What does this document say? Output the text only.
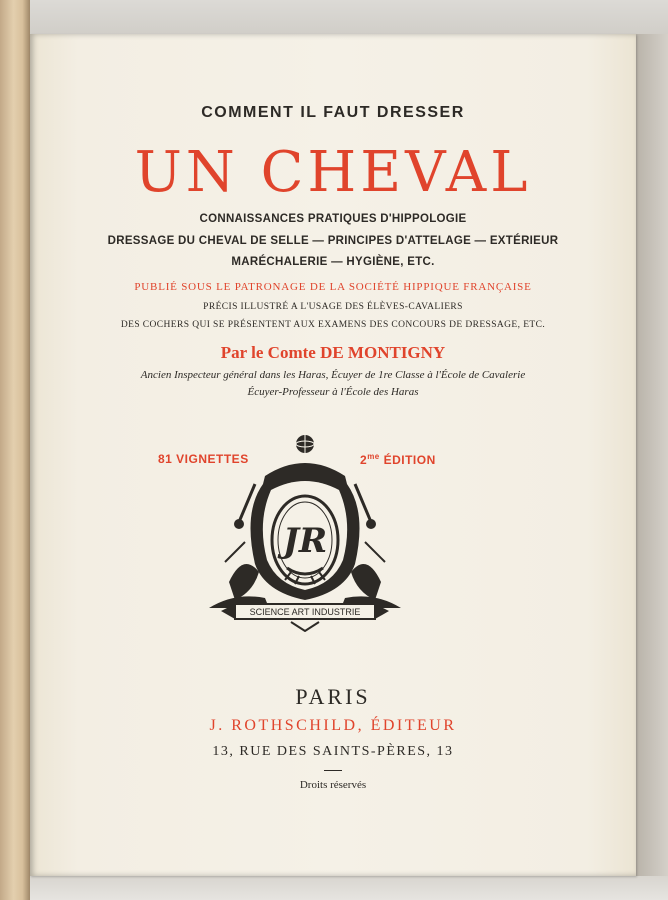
COMMENT IL FAUT DRESSER
UN CHEVAL
CONNAISSANCES PRATIQUES D'HIPPOLOGIE
DRESSAGE DU CHEVAL DE SELLE — PRINCIPES D'ATTELAGE — EXTÉRIEUR
MARÉCHALERIE — HYGIÈNE, ETC.
PUBLIÉ SOUS LE PATRONAGE DE LA SOCIÉTÉ HIPPIQUE FRANÇAISE
PRÉCIS ILLUSTRÉ A L'USAGE DES ÉLÈVES-CAVALIERS
DES COCHERS QUI SE PRÉSENTENT AUX EXAMENS DES CONCOURS DE DRESSAGE, ETC.
Par le Comte DE MONTIGNY
Ancien Inspecteur général dans les Haras, Écuyer de 1re Classe à l'École de Cavalerie
Écuyer-Professeur à l'École des Haras
81 VIGNETTES	$2^{me}$ ÉDITION
JR
SCIENCE ART INDUSTRIE
PARIS
J. ROTHSCHILD, ÉDITEUR
13, RUE DES SAINTS-PÈRES, 13
Droits réservés
